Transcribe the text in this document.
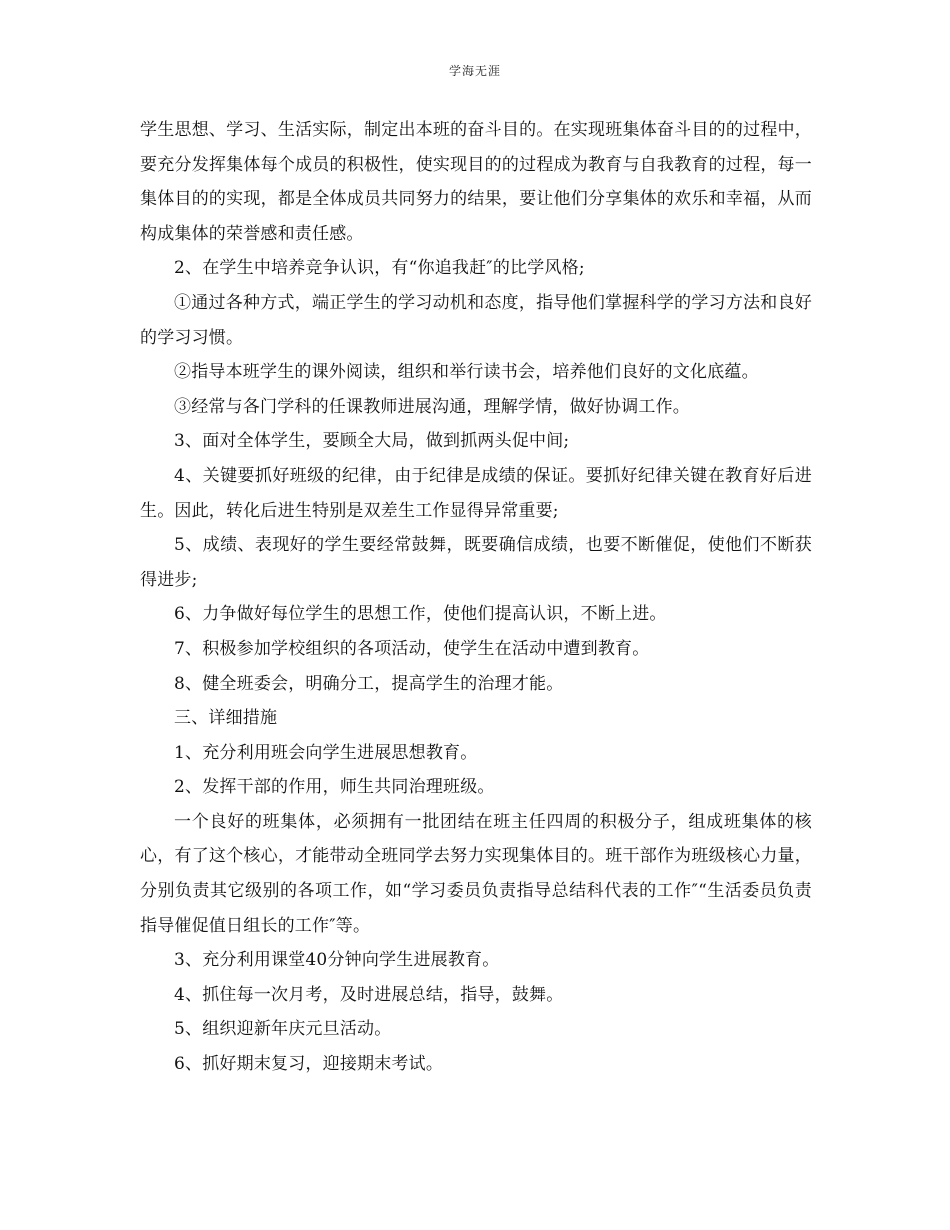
学海无涯

学生思想、学习、生活实际，制定出本班的奋斗目的。在实现班集体奋斗目的的过程中，要充分发挥集体每个成员的积极性，使实现目的的过程成为教育与自我教育的过程，每一集体目的的实现，都是全体成员共同努力的结果，要让他们分享集体的欢乐和幸福，从而构成集体的荣誉感和责任感。

2、在学生中培养竞争认识，有“你追我赶″的比学风格;

①通过各种方式，端正学生的学习动机和态度，指导他们掌握科学的学习方法和良好的学习习惯。

②指导本班学生的课外阅读，组织和举行读书会，培养他们良好的文化底蕴。

③经常与各门学科的任课教师进展沟通，理解学情，做好协调工作。

3、面对全体学生，要顾全大局，做到抓两头促中间;

4、关键要抓好班级的纪律，由于纪律是成绩的保证。要抓好纪律关键在教育好后进生。因此，转化后进生特别是双差生工作显得异常重要;

5、成绩、表现好的学生要经常鼓舞，既要确信成绩，也要不断催促，使他们不断获得进步;

6、力争做好每位学生的思想工作，使他们提高认识，不断上进。

7、积极参加学校组织的各项活动，使学生在活动中遭到教育。

8、健全班委会，明确分工，提高学生的治理才能。

三、详细措施

1、充分利用班会向学生进展思想教育。

2、发挥干部的作用，师生共同治理班级。

一个良好的班集体，必须拥有一批团结在班主任四周的积极分子，组成班集体的核心，有了这个核心，才能带动全班同学去努力实现集体目的。班干部作为班级核心力量，分别负责其它级别的各项工作，如“学习委员负责指导总结科代表的工作″“生活委员负责指导催促值日组长的工作″等。

3、充分利用课堂40分钟向学生进展教育。

4、抓住每一次月考，及时进展总结，指导，鼓舞。

5、组织迎新年庆元旦活动。

6、抓好期末复习，迎接期末考试。
